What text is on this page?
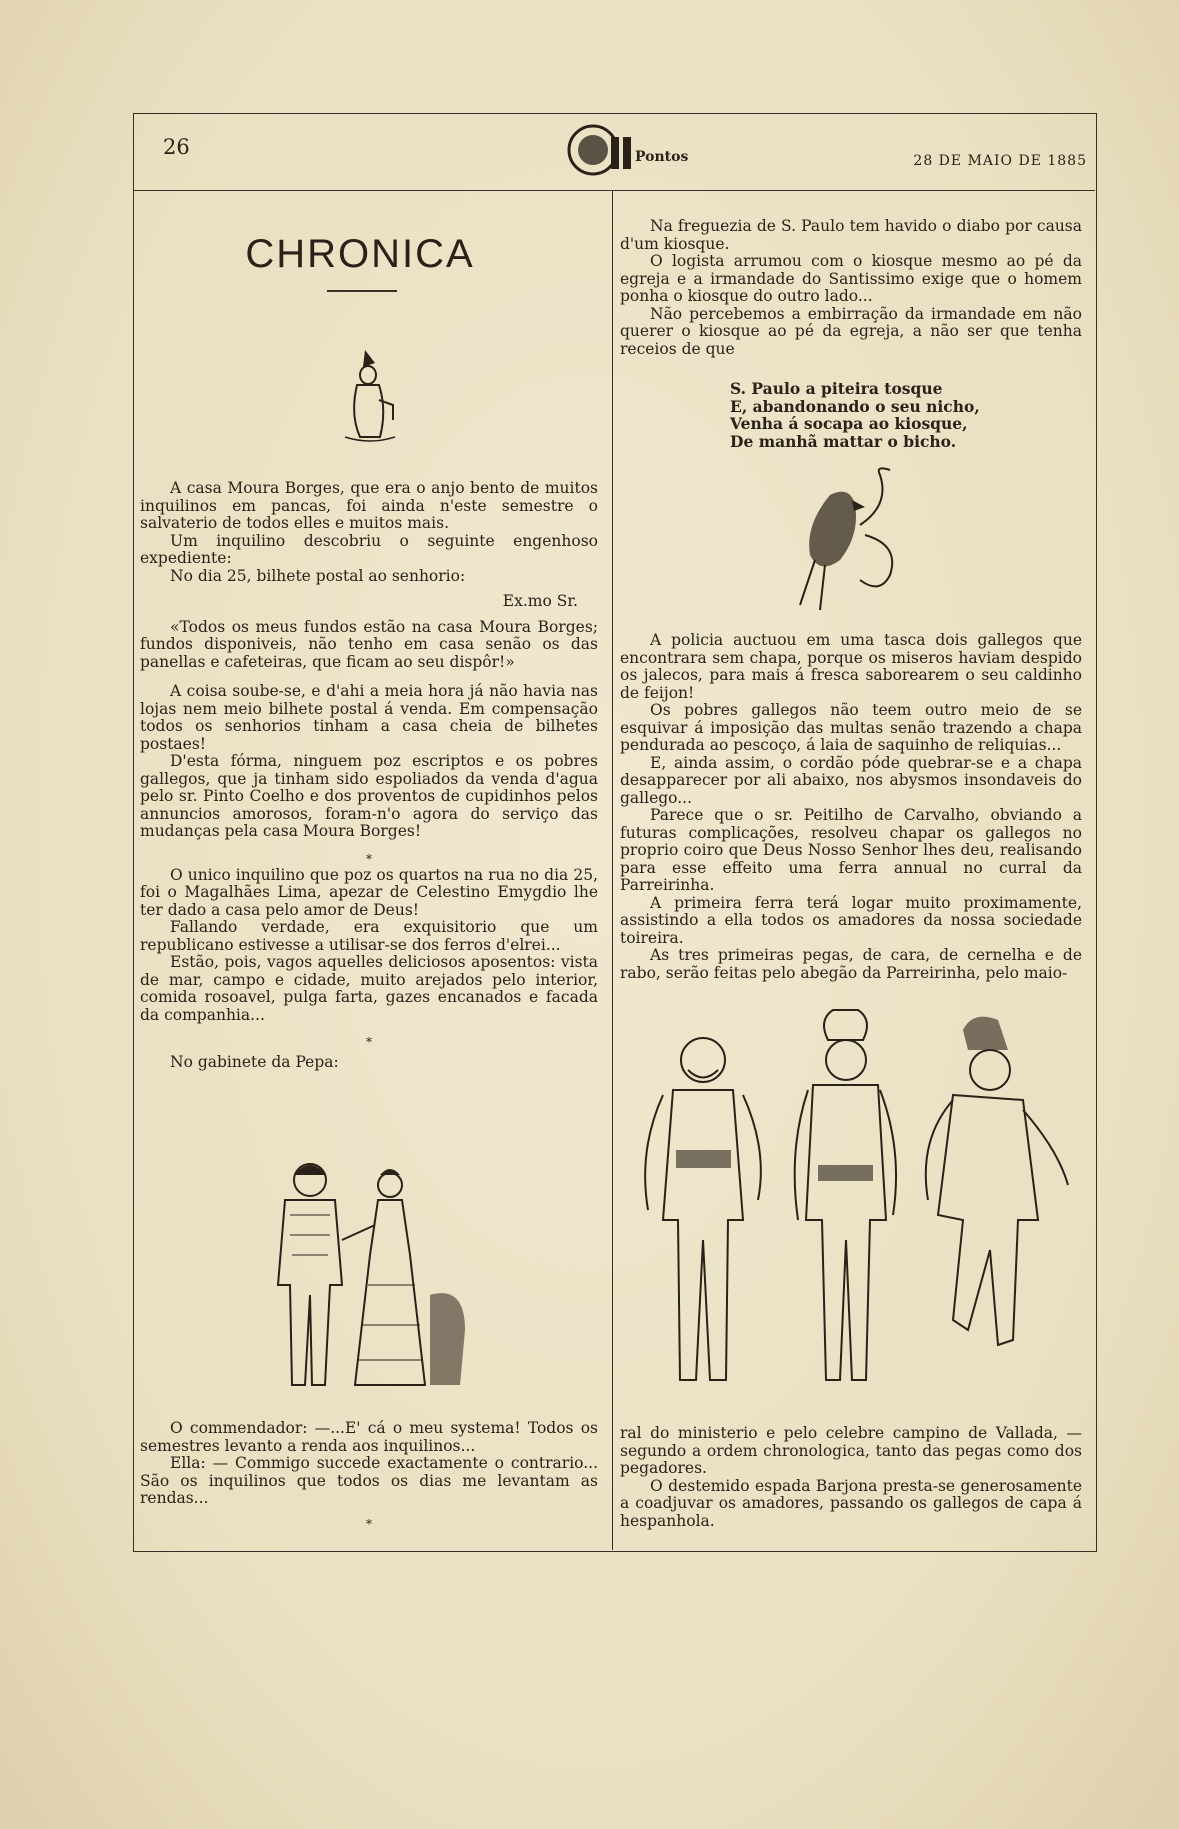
26	Pontos	28 DE MAIO DE 1885
CHRONICA

A casa Moura Borges, que era o anjo bento de muitos inquilinos em pancas, foi ainda n'este semestre o salvaterio de todos elles e muitos mais.

Um inquilino descobriu o seguinte engenhoso expediente:

No dia 25, bilhete postal ao senhorio:

Ex.mo Sr.

«Todos os meus fundos estão na casa Moura Borges; fundos disponiveis, não tenho em casa senão os das panellas e cafeteiras, que ficam ao seu dispôr!»

A coisa soube-se, e d'ahi a meia hora já não havia nas lojas nem meio bilhete postal á venda. Em compensação todos os senhorios tinham a casa cheia de bilhetes postaes!

D'esta fórma, ninguem poz escriptos e os pobres gallegos, que ja tinham sido espoliados da venda d'agua pelo sr. Pinto Coelho e dos proventos de cupidinhos pelos annuncios amorosos, foram-n'o agora do serviço das mudanças pela casa Moura Borges!

*

O unico inquilino que poz os quartos na rua no dia 25, foi o Magalhães Lima, apezar de Celestino Emygdio lhe ter dado a casa pelo amor de Deus!

Fallando verdade, era exquisitorio que um republicano estivesse a utilisar-se dos ferros d'elrei...

Estão, pois, vagos aquelles deliciosos aposentos: vista de mar, campo e cidade, muito arejados pelo interior, comida rosoavel, pulga farta, gazes encanados e facada da companhia...

*

No gabinete da Pepa:

O commendador: —...E' cá o meu systema! Todos os semestres levanto a renda aos inquilinos...

Ella: — Commigo succede exactamente o contrario... São os inquilinos que todos os dias me levantam as rendas...

*

Na freguezia de S. Paulo tem havido o diabo por causa d'um kiosque.

O logista arrumou com o kiosque mesmo ao pé da egreja e a irmandade do Santissimo exige que o homem ponha o kiosque do outro lado...

Não percebemos a embirração da irmandade em não querer o kiosque ao pé da egreja, a não ser que tenha receios de que

S. Paulo a piteira tosque

E, abandonando o seu nicho,

Venha á socapa ao kiosque,

De manhã mattar o bicho.

A policia auctuou em uma tasca dois gallegos que encontrara sem chapa, porque os miseros haviam despido os jalecos, para mais á fresca saborearem o seu caldinho de feijon!

Os pobres gallegos não teem outro meio de se esquivar á imposição das multas senão trazendo a chapa pendurada ao pescoço, á laia de saquinho de reliquias...

E, ainda assim, o cordão póde quebrar-se e a chapa desapparecer por ali abaixo, nos abysmos insondaveis do gallego...

Parece que o sr. Peitilho de Carvalho, obviando a futuras complicações, resolveu chapar os gallegos no proprio coiro que Deus Nosso Senhor lhes deu, realisando para esse effeito uma ferra annual no curral da Parreirinha.

A primeira ferra terá logar muito proximamente, assistindo a ella todos os amadores da nossa sociedade toireira.

As tres primeiras pegas, de cara, de cernelha e de rabo, serão feitas pelo abegão da Parreirinha, pelo maio-

ral do ministerio e pelo celebre campino de Vallada, — segundo a ordem chronologica, tanto das pegas como dos pegadores.

O destemido espada Barjona presta-se generosamente a coadjuvar os amadores, passando os gallegos de capa á hespanhola.
